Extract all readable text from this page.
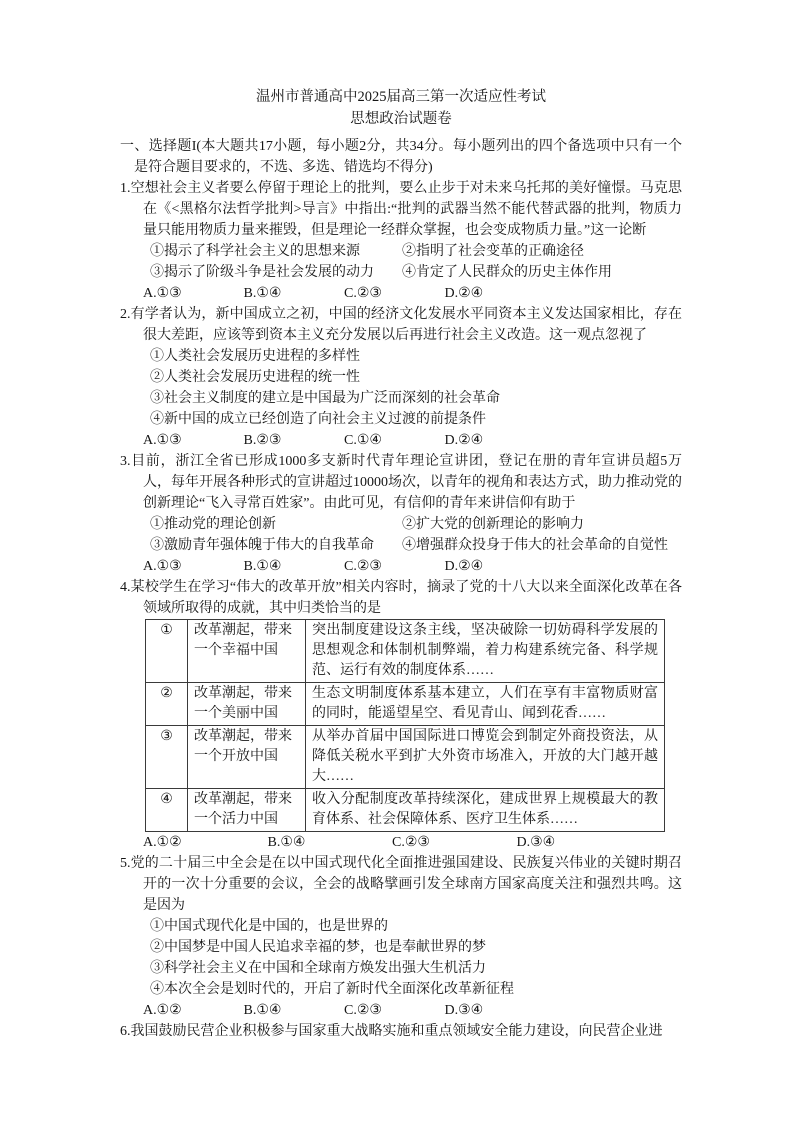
温州市普通高中2025届高三第一次适应性考试
思想政治试题卷
一、选择题I(本大题共17小题，每小题2分，共34分。每小题列出的四个备选项中只有一个是符合题目要求的，不选、多选、错选均不得分)

1.空想社会主义者要么停留于理论上的批判，要么止步于对未来乌托邦的美好憧憬。马克思在《<黑格尔法哲学批判>导言》中指出:“批判的武器当然不能代替武器的批判，物质力量只能用物质力量来摧毁，但是理论一经群众掌握，也会变成物质力量。”这一论断

①揭示了科学社会主义的思想来源	②指明了社会变革的正确途径
③揭示了阶级斗争是社会发展的动力	④肯定了人民群众的历史主体作用
A.①③	B.①④	C.②③	D.②④

2.有学者认为，新中国成立之初，中国的经济文化发展水平同资本主义发达国家相比，存在很大差距，应该等到资本主义充分发展以后再进行社会主义改造。这一观点忽视了

①人类社会发展历史进程的多样性
②人类社会发展历史进程的统一性
③社会主义制度的建立是中国最为广泛而深刻的社会革命
④新中国的成立已经创造了向社会主义过渡的前提条件
A.①③	B.②③	C.①④	D.②④

3.目前，浙江全省已形成1000多支新时代青年理论宣讲团，登记在册的青年宣讲员超5万人，每年开展各种形式的宣讲超过10000场次，以青年的视角和表达方式，助力推动党的创新理论“飞入寻常百姓家”。由此可见，有信仰的青年来讲信仰有助于

①推动党的理论创新	②扩大党的创新理论的影响力
③激励青年强体魄于伟大的自我革命	④增强群众投身于伟大的社会革命的自觉性
A.①③	B.①④	C.②③	D.②④

4.某校学生在学习“伟大的改革开放”相关内容时，摘录了党的十八大以来全面深化改革在各领域所取得的成就，其中归类恰当的是

①	改革潮起，带来一个幸福中国	突出制度建设这条主线，坚决破除一切妨碍科学发展的思想观念和体制机制弊端，着力构建系统完备、科学规范、运行有效的制度体系……
②	改革潮起，带来一个美丽中国	生态文明制度体系基本建立，人们在享有丰富物质财富的同时，能遥望星空、看见青山、闻到花香……
③	改革潮起，带来一个开放中国	从举办首届中国国际进口博览会到制定外商投资法，从降低关税水平到扩大外资市场准入，开放的大门越开越大……
④	改革潮起，带来一个活力中国	收入分配制度改革持续深化，建成世界上规模最大的教育体系、社会保障体系、医疗卫生体系……
A.①②	B.①④	C.②③	D.③④

5.党的二十届三中全会是在以中国式现代化全面推进强国建设、民族复兴伟业的关键时期召开的一次十分重要的会议，全会的战略擘画引发全球南方国家高度关注和强烈共鸣。这是因为

①中国式现代化是中国的，也是世界的
②中国梦是中国人民追求幸福的梦，也是奉献世界的梦
③科学社会主义在中国和全球南方焕发出强大生机活力
④本次全会是划时代的，开启了新时代全面深化改革新征程
A.①②	B.①④	C.②③	D.③④

6.我国鼓励民营企业积极参与国家重大战略实施和重点领域安全能力建设，向民营企业进
